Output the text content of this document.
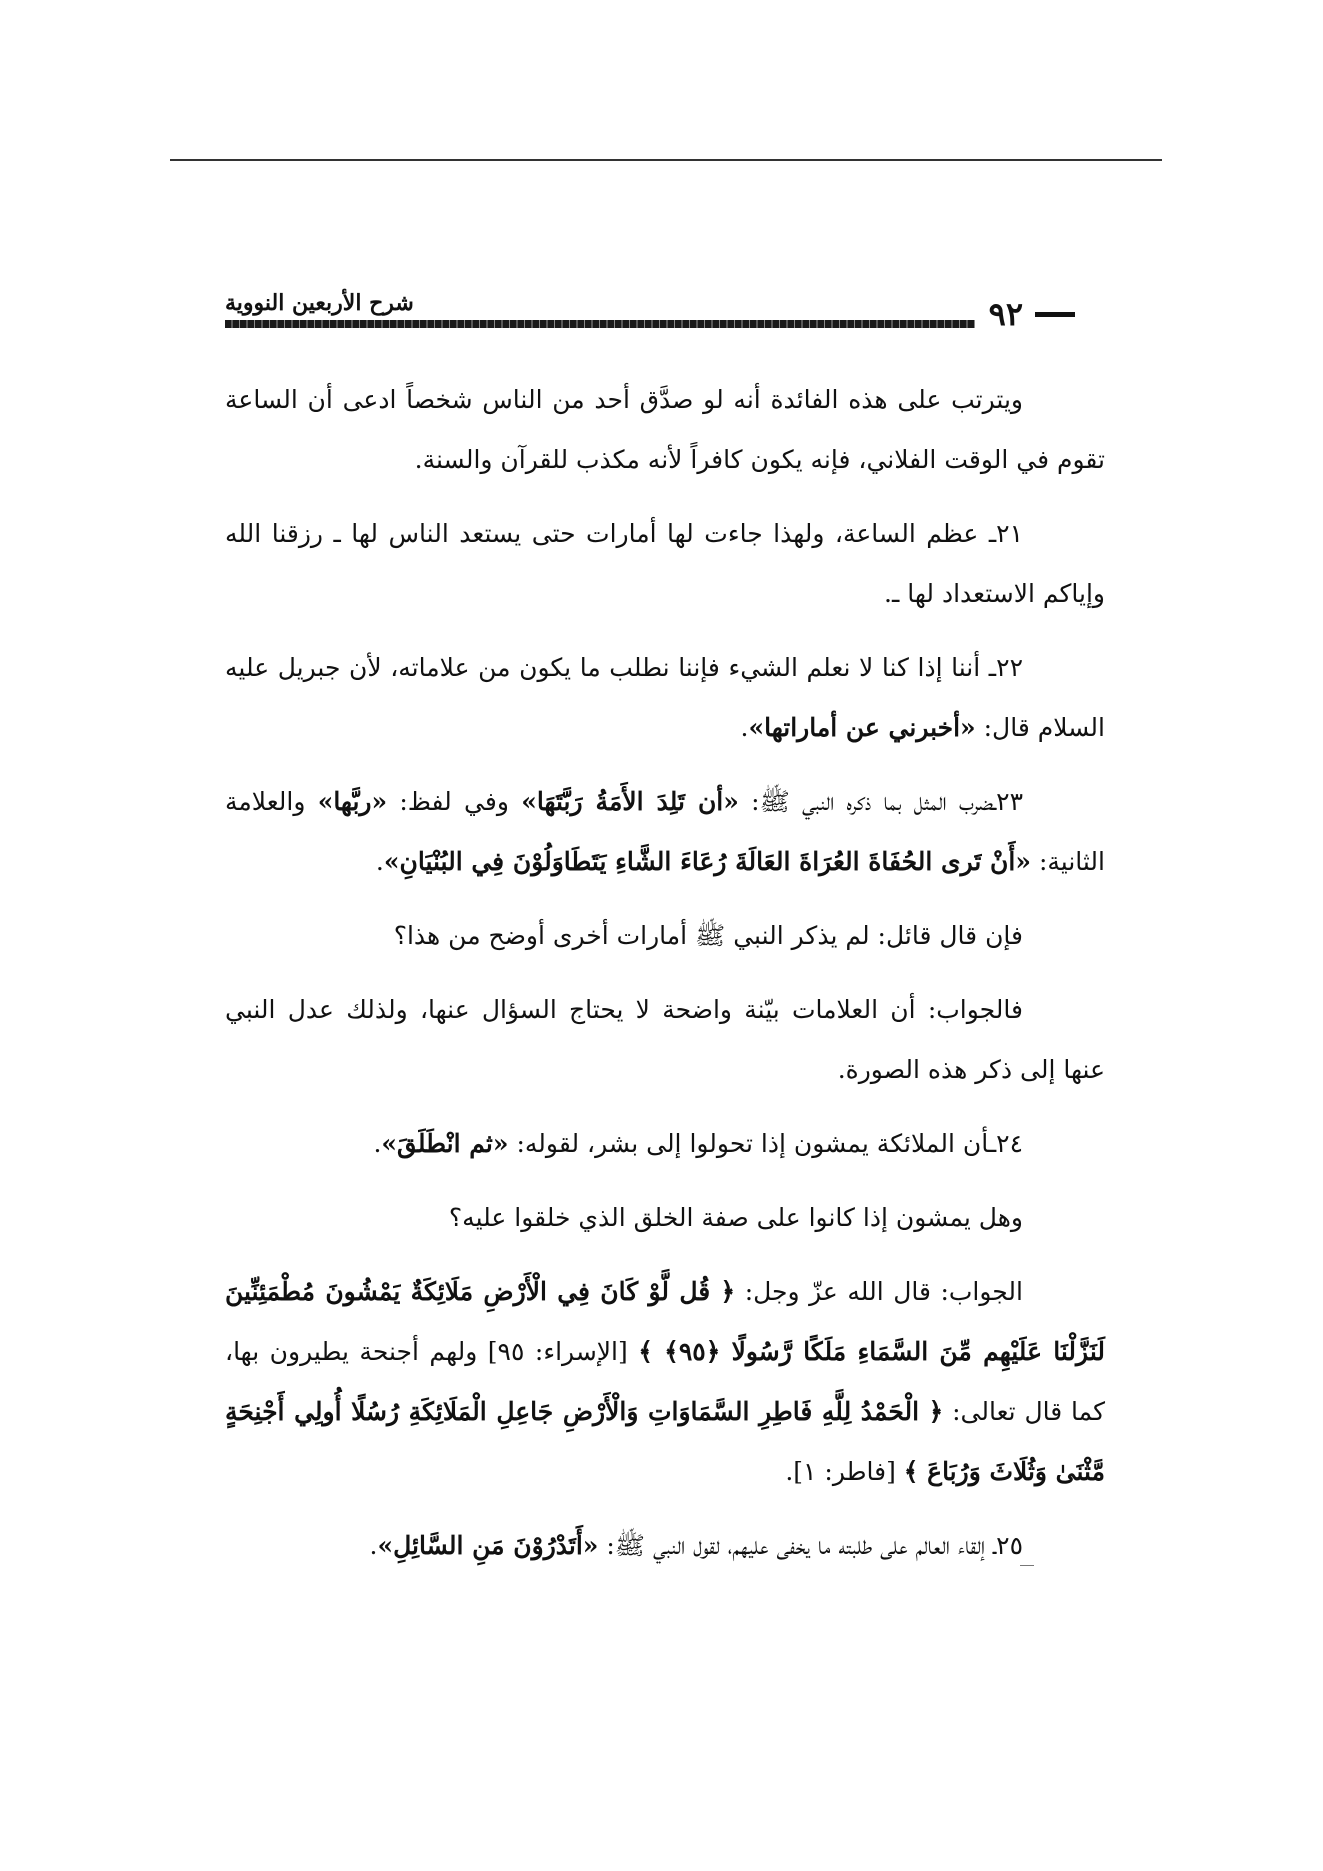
٩٢
شرح الأربعين النووية

ويترتب على هذه الفائدة أنه لو صدَّق أحد من الناس شخصاً ادعى أن الساعة تقوم في الوقت الفلاني، فإنه يكون كافراً لأنه مكذب للقرآن والسنة.

٢١ـ عظم الساعة، ولهذا جاءت لها أمارات حتى يستعد الناس لها ـ رزقنا الله وإياكم الاستعداد لها ـ.

٢٢ـ أننا إذا كنا لا نعلم الشيء فإننا نطلب ما يكون من علاماته، لأن جبريل عليه السلام قال: «أخبرني عن أماراتها».

٢٣ـضرب المثل بما ذكره النبي ﷺ: «أن تَلِدَ الأَمَةُ رَبَّتَهَا» وفي لفظ: «ربَّها» والعلامة الثانية: «أَنْ تَرى الحُفَاةَ العُرَاةَ العَالَةَ رُعَاءَ الشَّاءِ يَتَطَاوَلُوْنَ فِي البُنْيَانِ».

فإن قال قائل: لم يذكر النبي ﷺ أمارات أخرى أوضح من هذا؟

فالجواب: أن العلامات بيّنة واضحة لا يحتاج السؤال عنها، ولذلك عدل النبي عنها إلى ذكر هذه الصورة.

٢٤ـأن الملائكة يمشون إذا تحولوا إلى بشر، لقوله: «ثم انْطَلَقَ».

وهل يمشون إذا كانوا على صفة الخلق الذي خلقوا عليه؟

الجواب: قال الله عزّ وجل: ﴿ قُل لَّوْ كَانَ فِي الْأَرْضِ مَلَائِكَةٌ يَمْشُونَ مُطْمَئِنِّينَ لَنَزَّلْنَا عَلَيْهِم مِّنَ السَّمَاءِ مَلَكًا رَّسُولًا ﴿٩٥﴾ ﴾ [الإسراء: ٩٥] ولهم أجنحة يطيرون بها، كما قال تعالى: ﴿ الْحَمْدُ لِلَّهِ فَاطِرِ السَّمَاوَاتِ وَالْأَرْضِ جَاعِلِ الْمَلَائِكَةِ رُسُلًا أُولِي أَجْنِحَةٍ مَّثْنَىٰ وَثُلَاثَ وَرُبَاعَ ﴾ [فاطر: ١].

٢٥ـ إلقاء العالم على طلبته ما يخفى عليهم، لقول النبي ﷺ: «أَتَدْرُوْنَ مَنِ السَّائِلِ».
